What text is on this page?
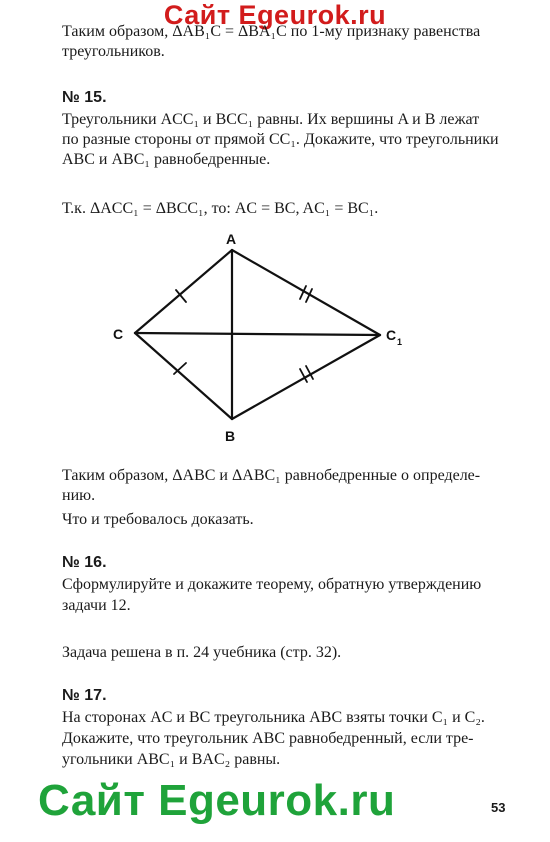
Сайт Egeurok.ru
Таким образом, ΔAB₁C = ΔBA₁C по 1-му признаку равенства
треугольников.
№ 15.
Треугольники ACC₁ и BCC₁ равны. Их вершины A и B лежат
по разные стороны от прямой CC₁. Докажите, что треугольники
ABC и ABC₁ равнобедренные.
Т.к. ΔACC₁ = ΔBCC₁, то: AC = BC, AC₁ = BC₁.
A
B
C	C 1
Таким образом, ΔABC и ΔABC₁ равнобедренные о определе-
нию.
Что и требовалось доказать.
№ 16.
Сформулируйте и докажите теорему, обратную утверждению
задачи 12.
Задача решена в п. 24 учебника (стр. 32).
№ 17.
На сторонах AC и BC треугольника ABC взяты точки C₁ и C₂.
Докажите, что треугольник ABC равнобедренный, если тре-
угольники ABC₁ и BAC₂ равны.
Сайт Egeurok.ru	53
